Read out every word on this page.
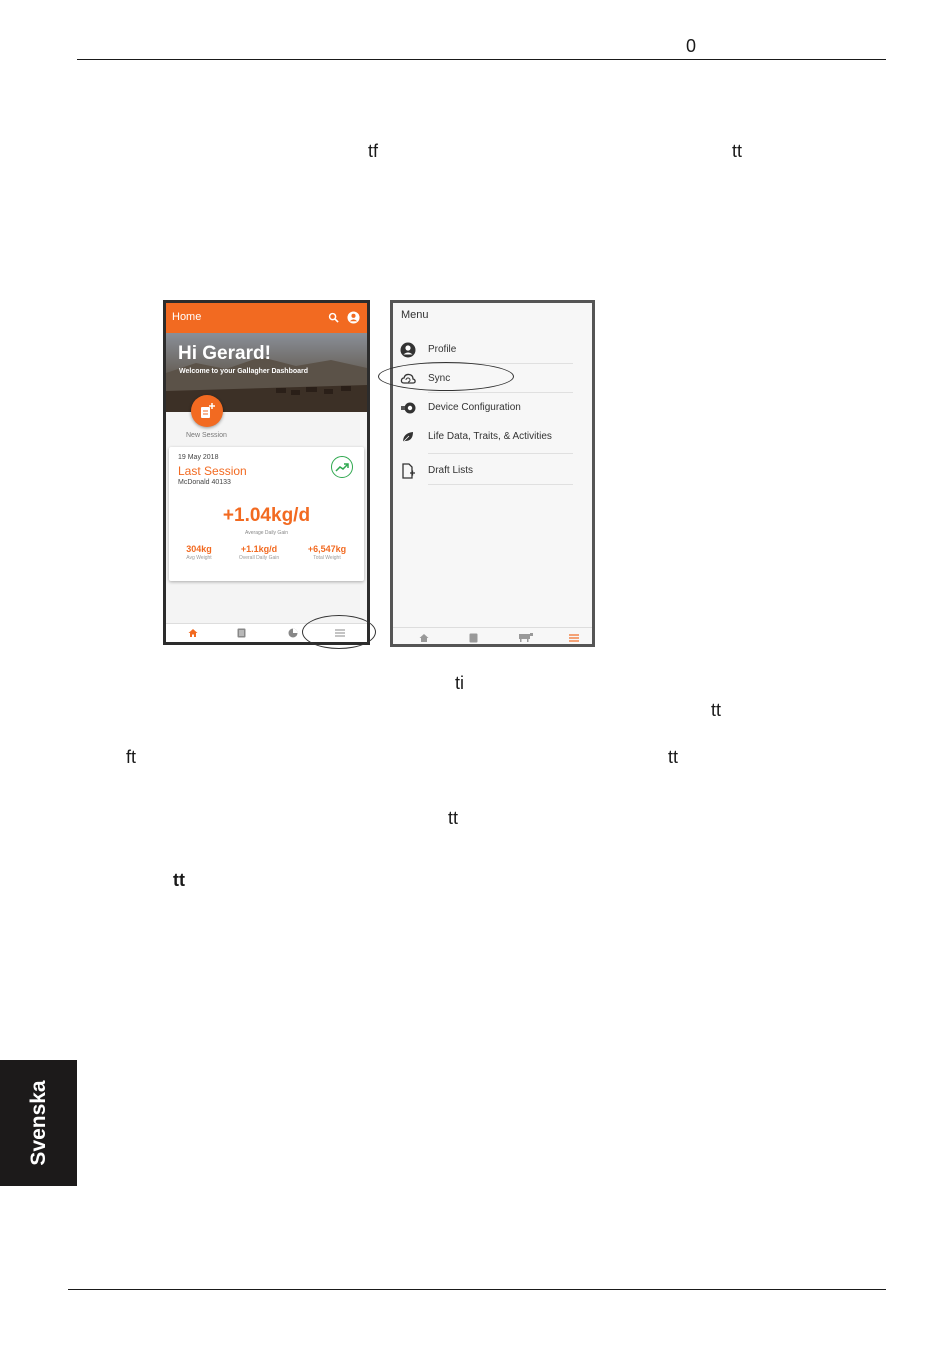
0
tf	tt
Home
Hi Gerard!
Welcome to your Gallagher Dashboard
New Session
19 May 2018
Last Session
McDonald 40133
+1.04kg/d
Average Daily Gain
304kg
Avg Weight
+1.1kg/d
Overall Daily Gain
+6,547kg
Total Weight
Menu
Profile
Sync
Device Configuration
Life Data, Traits, & Activities
Draft Lists
ti
tt
ft	tt
tt
tt
Svenska
